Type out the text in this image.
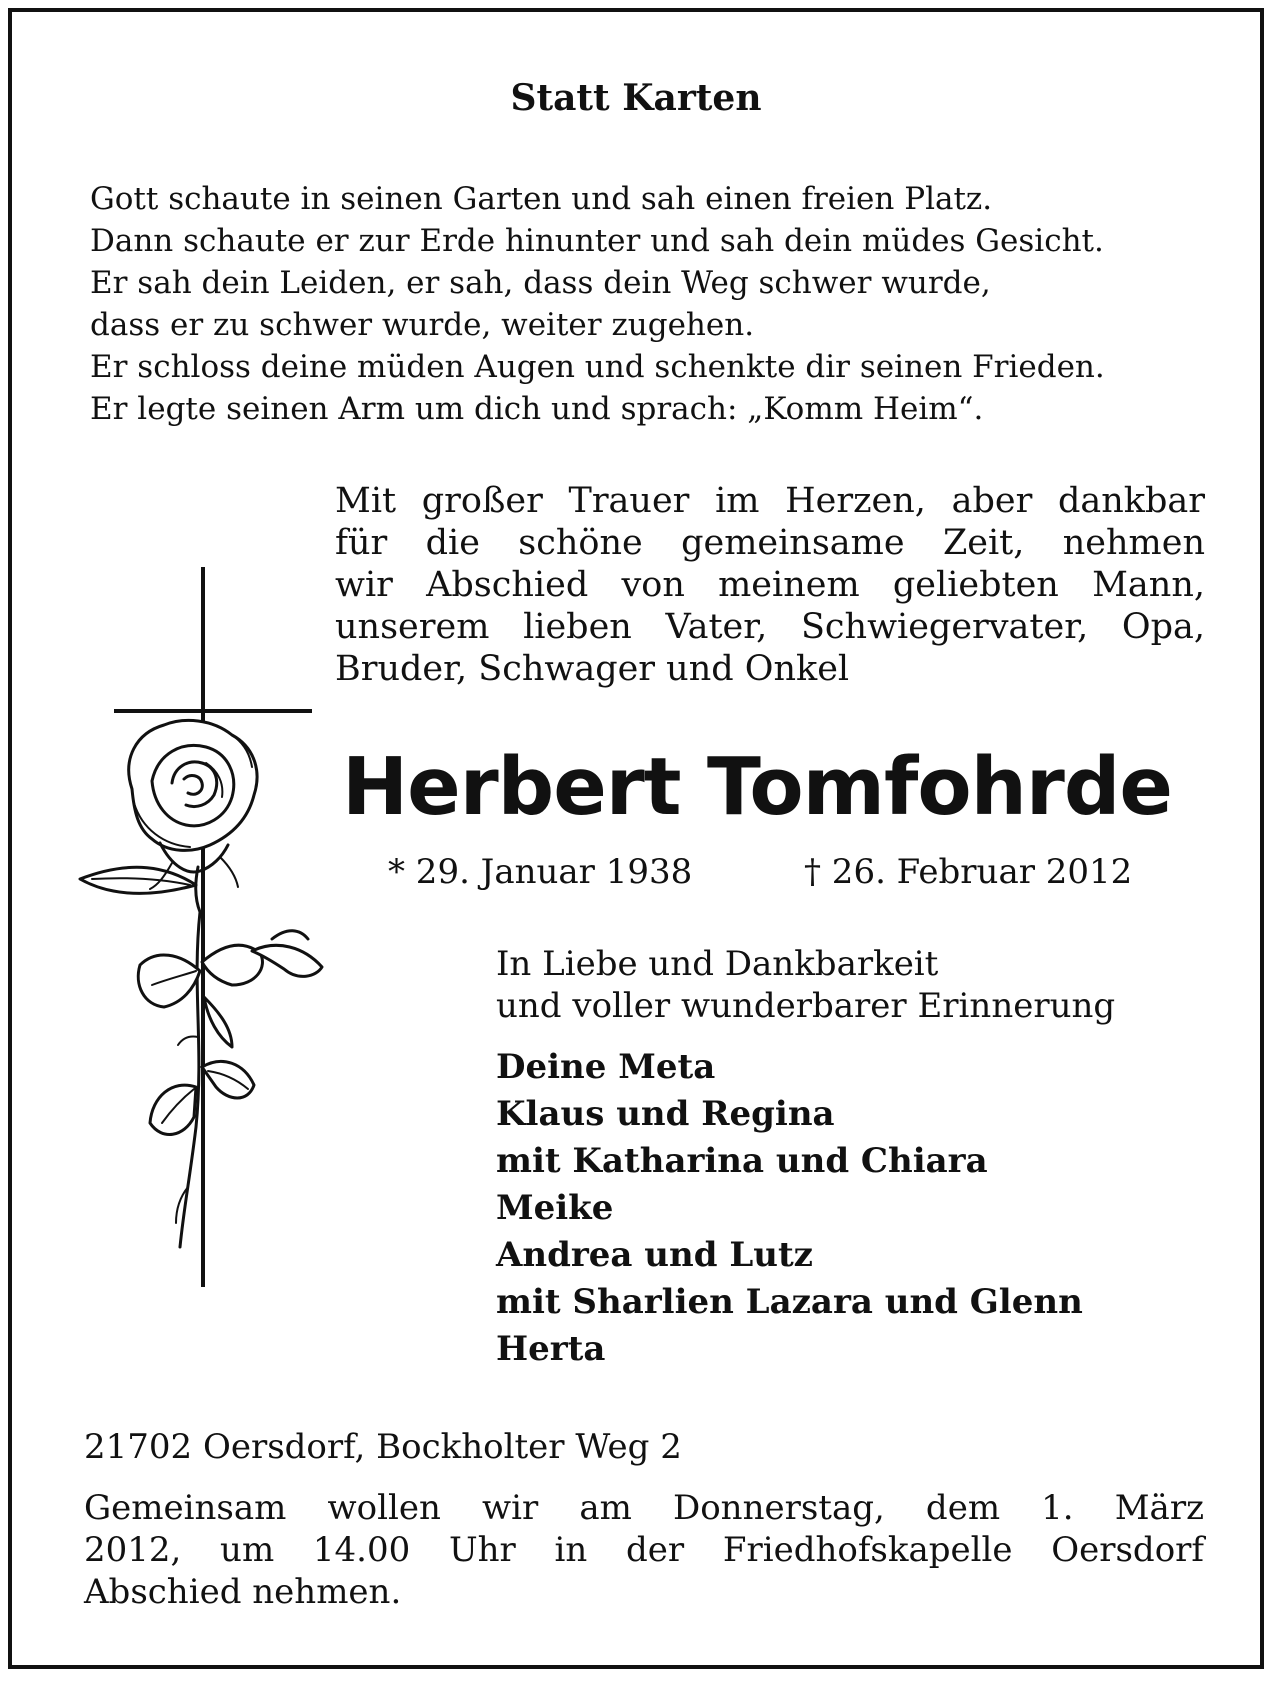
Statt Karten
Gott schaute in seinen Garten und sah einen freien Platz.
Dann schaute er zur Erde hinunter und sah dein müdes Gesicht.
Er sah dein Leiden, er sah, dass dein Weg schwer wurde,
dass er zu schwer wurde, weiter zugehen.
Er schloss deine müden Augen und schenkte dir seinen Frieden.
Er legte seinen Arm um dich und sprach: „Komm Heim“.
Mit großer Trauer im Herzen, aber dankbar
für die schöne gemeinsame Zeit, nehmen
wir Abschied von meinem geliebten Mann,
unserem lieben Vater, Schwiegervater, Opa,
Bruder, Schwager und Onkel
Herbert Tomfohrde
* 29. Januar 1938	† 26. Februar 2012
In Liebe und Dankbarkeit
und voller wunderbarer Erinnerung
Deine Meta
Klaus und Regina
mit Katharina und Chiara
Meike
Andrea und Lutz
mit Sharlien Lazara und Glenn
Herta
21702 Oersdorf, Bockholter Weg 2
Gemeinsam wollen wir am Donnerstag, dem 1. März
2012, um 14.00 Uhr in der Friedhofskapelle Oersdorf
Abschied nehmen.
